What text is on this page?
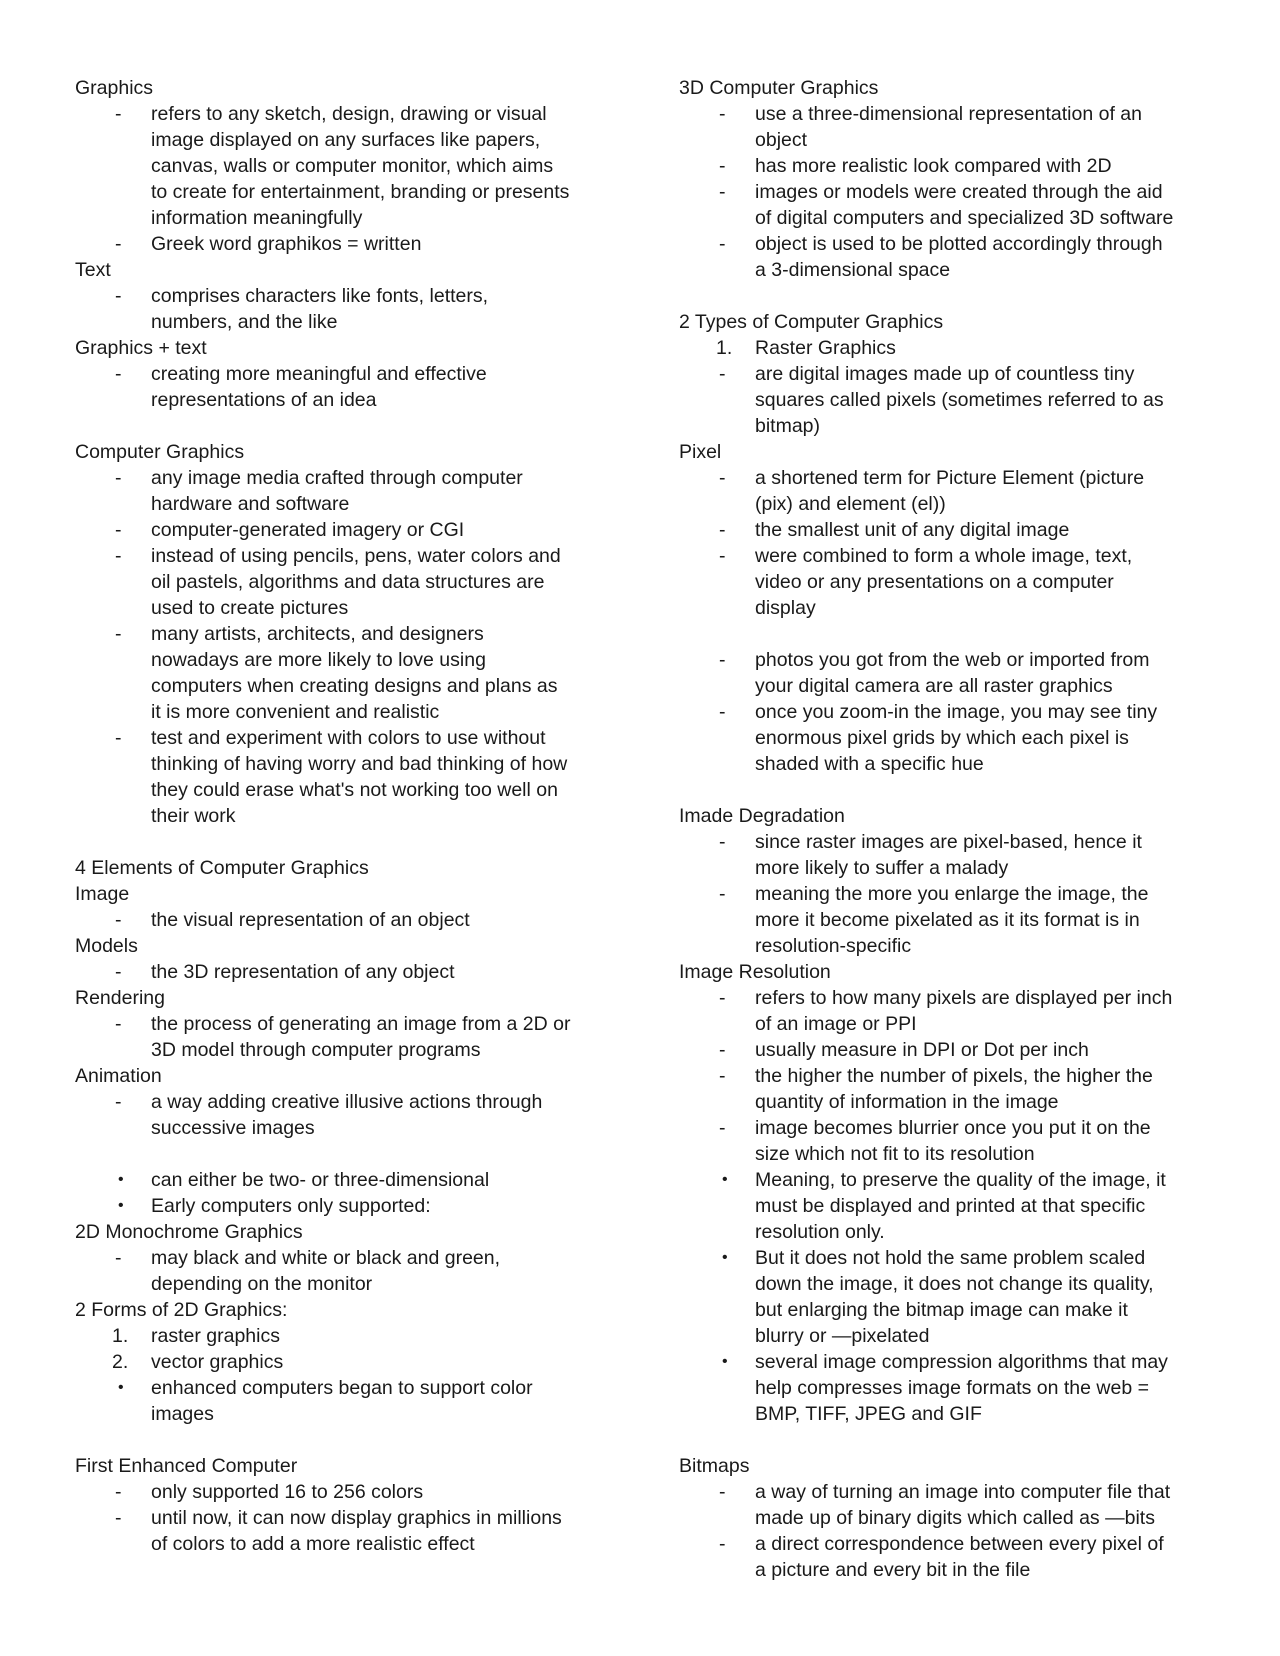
Graphics
-	refers to any sketch, design, drawing or visual
image displayed on any surfaces like papers,
canvas, walls or computer monitor, which aims
to create for entertainment, branding or presents
information meaningfully
-	Greek word graphikos = written
Text
-	comprises characters like fonts, letters,
numbers, and the like
Graphics + text
-	creating more meaningful and effective
representations of an idea
Computer Graphics
-	any image media crafted through computer
hardware and software
-	computer-generated imagery or CGI
-	instead of using pencils, pens, water colors and
oil pastels, algorithms and data structures are
used to create pictures
-	many artists, architects, and designers
nowadays are more likely to love using
computers when creating designs and plans as
it is more convenient and realistic
-	test and experiment with colors to use without
thinking of having worry and bad thinking of how
they could erase what's not working too well on
their work
4 Elements of Computer Graphics
Image
-	the visual representation of an object
Models
-	the 3D representation of any object
Rendering
-	the process of generating an image from a 2D or
3D model through computer programs
Animation
-	a way adding creative illusive actions through
successive images
•	can either be two- or three-dimensional
•	Early computers only supported:
2D Monochrome Graphics
-	may black and white or black and green,
depending on the monitor
2 Forms of 2D Graphics:
1.	raster graphics
2.	vector graphics
•	enhanced computers began to support color
images
First Enhanced Computer
-	only supported 16 to 256 colors
-	until now, it can now display graphics in millions
of colors to add a more realistic effect
3D Computer Graphics
-	use a three-dimensional representation of an
object
-	has more realistic look compared with 2D
-	images or models were created through the aid
of digital computers and specialized 3D software
-	object is used to be plotted accordingly through
a 3-dimensional space
2 Types of Computer Graphics
1.	Raster Graphics
-	are digital images made up of countless tiny
squares called pixels (sometimes referred to as
bitmap)
Pixel
-	a shortened term for Picture Element (picture
(pix) and element (el))
-	the smallest unit of any digital image
-	were combined to form a whole image, text,
video or any presentations on a computer
display
-	photos you got from the web or imported from
your digital camera are all raster graphics
-	once you zoom-in the image, you may see tiny
enormous pixel grids by which each pixel is
shaded with a specific hue
Imade Degradation
-	since raster images are pixel-based, hence it
more likely to suffer a malady
-	meaning the more you enlarge the image, the
more it become pixelated as it its format is in
resolution-specific
Image Resolution
-	refers to how many pixels are displayed per inch
of an image or PPI
-	usually measure in DPI or Dot per inch
-	the higher the number of pixels, the higher the
quantity of information in the image
-	image becomes blurrier once you put it on the
size which not fit to its resolution
•	Meaning, to preserve the quality of the image, it
must be displayed and printed at that specific
resolution only.
•	But it does not hold the same problem scaled
down the image, it does not change its quality,
but enlarging the bitmap image can make it
blurry or —pixelated
•	several image compression algorithms that may
help compresses image formats on the web =
BMP, TIFF, JPEG and GIF
Bitmaps
-	a way of turning an image into computer file that
made up of binary digits which called as —bits
-	a direct correspondence between every pixel of
a picture and every bit in the file
